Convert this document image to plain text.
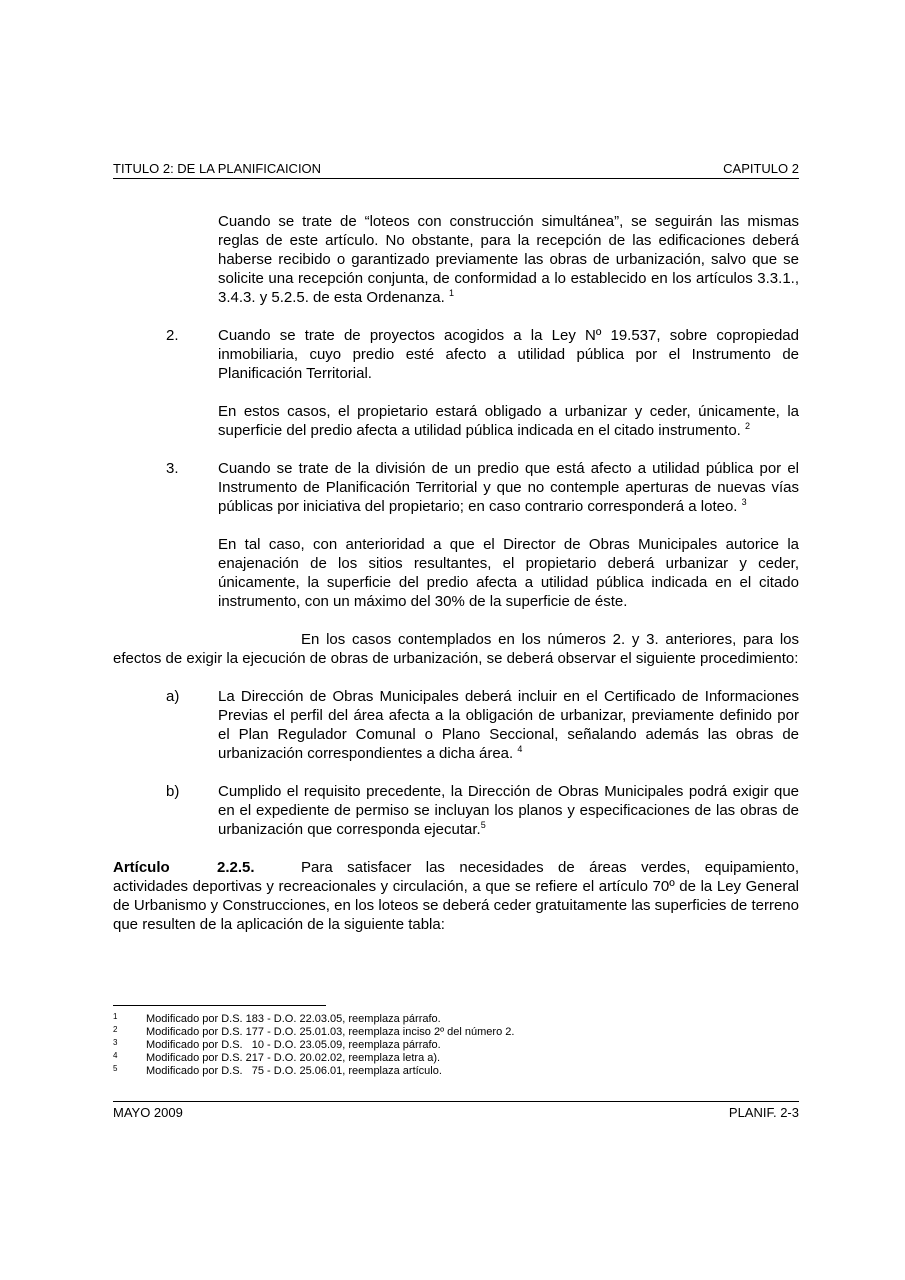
TITULO 2: DE LA PLANIFICAICION	CAPITULO 2

Cuando se trate de “loteos con construcción simultánea”, se seguirán las mismas reglas de este artículo. No obstante, para la recepción de las edificaciones deberá haberse recibido o garantizado previamente las obras de urbanización, salvo que se solicite una recepción conjunta, de conformidad a lo establecido en los artículos 3.3.1., 3.4.3. y 5.2.5. de esta Ordenanza. $^1$

2.	Cuando se trate de proyectos acogidos a la Ley Nº 19.537, sobre copropiedad inmobiliaria, cuyo predio esté afecto a utilidad pública por el Instrumento de Planificación Territorial.

En estos casos, el propietario estará obligado a urbanizar y ceder, únicamente, la superficie del predio afecta a utilidad pública indicada en el citado instrumento. $^2$

3.	Cuando se trate de la división de un predio que está afecto a utilidad pública por el Instrumento de Planificación Territorial y que no contemple aperturas de nuevas vías públicas por iniciativa del propietario; en caso contrario corresponderá a loteo. $^3$

En tal caso, con anterioridad a que el Director de Obras Municipales autorice la enajenación de los sitios resultantes, el propietario deberá urbanizar y ceder, únicamente, la superficie del predio afecta a utilidad pública indicada en el citado instrumento, con un máximo del 30% de la superficie de éste.

En los casos contemplados en los números 2. y 3. anteriores, para los efectos de exigir la ejecución de obras de urbanización, se deberá observar el siguiente procedimiento:

a)	La Dirección de Obras Municipales deberá incluir en el Certificado de Informaciones Previas el perfil del área afecta a la obligación de urbanizar, previamente definido por el Plan Regulador Comunal o Plano Seccional, señalando además las obras de urbanización correspondientes a dicha área. $^4$

b)	Cumplido el requisito precedente, la Dirección de Obras Municipales podrá exigir que en el expediente de permiso se incluyan los planos y especificaciones de las obras de urbanización que corresponda ejecutar.$^5$

Artículo	2.2.5.	Para satisfacer las necesidades de áreas verdes, equipamiento, actividades deportivas y recreacionales y circulación, a que se refiere el artículo 70º de la Ley General de Urbanismo y Construcciones, en los loteos se deberá ceder gratuitamente las superficies de terreno que resulten de la aplicación de la siguiente tabla:

1	Modificado por D.S. 183 - D.O. 22.03.05, reemplaza párrafo.
2	Modificado por D.S. 177 - D.O. 25.01.03, reemplaza inciso 2º del número 2.
3	Modificado por D.S.   10 - D.O. 23.05.09, reemplaza párrafo.
4	Modificado por D.S. 217 - D.O. 20.02.02, reemplaza letra a).
5	Modificado por D.S.   75 - D.O. 25.06.01, reemplaza artículo.
MAYO 2009	PLANIF. 2-3
